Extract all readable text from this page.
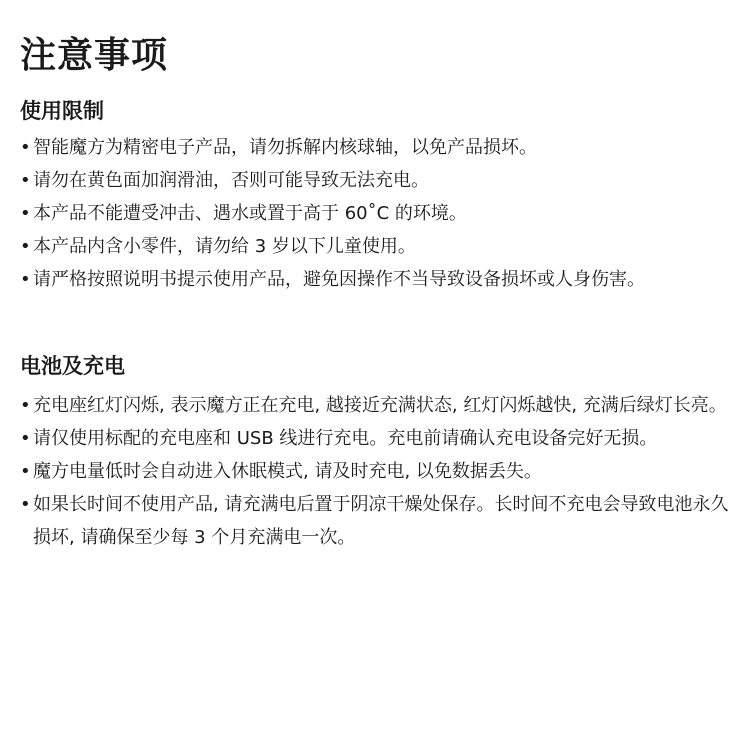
注意事项
使用限制
• 智能魔方为精密电子产品，请勿拆解内核球轴，以免产品损坏。
• 请勿在黄色面加润滑油，否则可能导致无法充电。
• 本产品不能遭受冲击、遇水或置于高于 60˚C 的环境。
• 本产品内含小零件，请勿给 3 岁以下儿童使用。
• 请严格按照说明书提示使用产品，避免因操作不当导致设备损坏或人身伤害。
电池及充电
• 充电座红灯闪烁, 表示魔方正在充电, 越接近充满状态, 红灯闪烁越快, 充满后绿灯长亮。
• 请仅使用标配的充电座和 USB 线进行充电。充电前请确认充电设备完好无损。
• 魔方电量低时会自动进入休眠模式, 请及时充电, 以免数据丢失。
• 如果长时间不使用产品, 请充满电后置于阴凉干燥处保存。长时间不充电会导致电池永久损坏, 请确保至少每 3 个月充满电一次。
